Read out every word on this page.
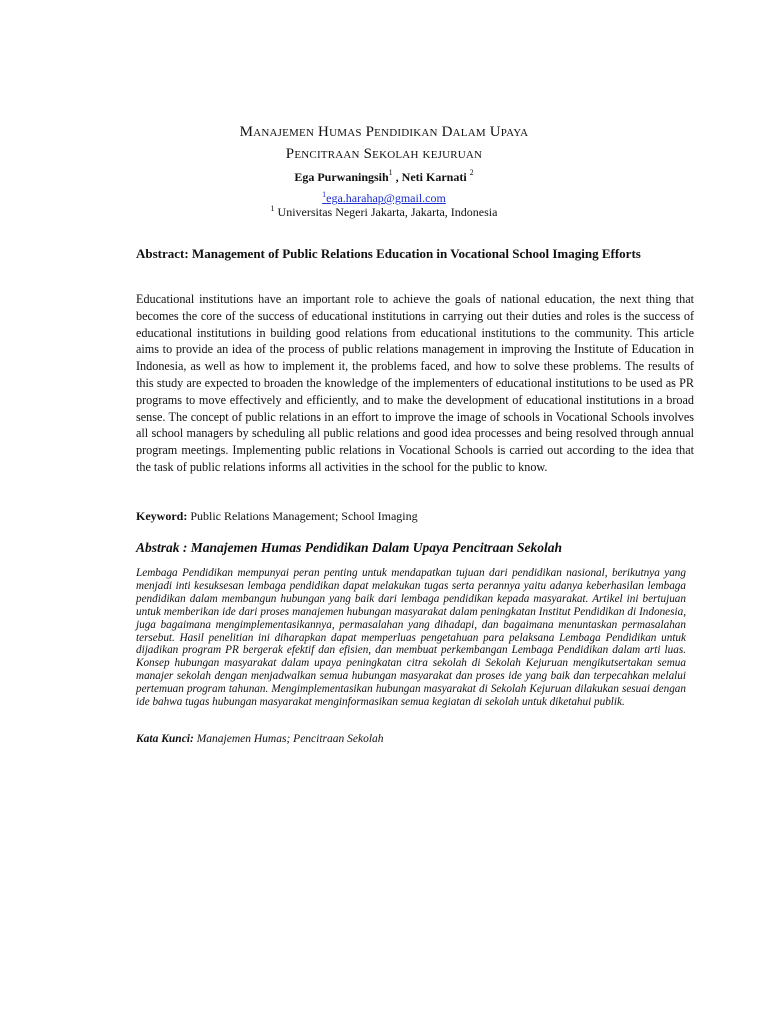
Manajemen Humas Pendidikan Dalam Upaya
Pencitraan Sekolah kejuruan
Ega Purwaningsih$^1$ , Neti Karnati $^2$
$^1$ega.harahap@gmail.com
$^1$ Universitas Negeri Jakarta, Jakarta, Indonesia
Abstract: Management of Public Relations Education in Vocational School Imaging Efforts
Educational institutions have an important role to achieve the goals of national education, the next thing that becomes the core of the success of educational institutions in carrying out their duties and roles is the success of educational institutions in building good relations from educational institutions to the community. This article aims to provide an idea of the process of public relations management in improving the Institute of Education in Indonesia, as well as how to implement it, the problems faced, and how to solve these problems. The results of this study are expected to broaden the knowledge of the implementers of educational institutions to be used as PR programs to move effectively and efficiently, and to make the development of educational institutions in a broad sense. The concept of public relations in an effort to improve the image of schools in Vocational Schools involves all school managers by scheduling all public relations and good idea processes and being resolved through annual program meetings. Implementing public relations in Vocational Schools is carried out according to the idea that the task of public relations informs all activities in the school for the public to know.
Keyword: Public Relations Management; School Imaging
Abstrak : Manajemen Humas Pendidikan Dalam Upaya Pencitraan Sekolah
Lembaga Pendidikan mempunyai peran penting untuk mendapatkan tujuan dari pendidikan nasional, berikutnya yang menjadi inti kesuksesan lembaga pendidikan dapat melakukan tugas serta perannya yaitu adanya keberhasilan lembaga pendidikan dalam membangun hubungan yang baik dari lembaga pendidikan kepada masyarakat. Artikel ini bertujuan untuk memberikan ide dari proses manajemen hubungan masyarakat dalam peningkatan Institut Pendidikan di Indonesia, juga bagaimana mengimplementasikannya, permasalahan yang dihadapi, dan bagaimana menuntaskan permasalahan tersebut. Hasil penelitian ini diharapkan dapat memperluas pengetahuan para pelaksana Lembaga Pendidikan untuk dijadikan program PR bergerak efektif dan efisien, dan membuat perkembangan Lembaga Pendidikan dalam arti luas. Konsep hubungan masyarakat dalam upaya peningkatan citra sekolah di Sekolah Kejuruan mengikutsertakan semua manajer sekolah dengan menjadwalkan semua hubungan masyarakat dan proses ide yang baik dan terpecahkan melalui pertemuan program tahunan. Mengimplementasikan hubungan masyarakat di Sekolah Kejuruan dilakukan sesuai dengan ide bahwa tugas hubungan masyarakat menginformasikan semua kegiatan di sekolah untuk diketahui publik.
Kata Kunci: Manajemen Humas; Pencitraan Sekolah
